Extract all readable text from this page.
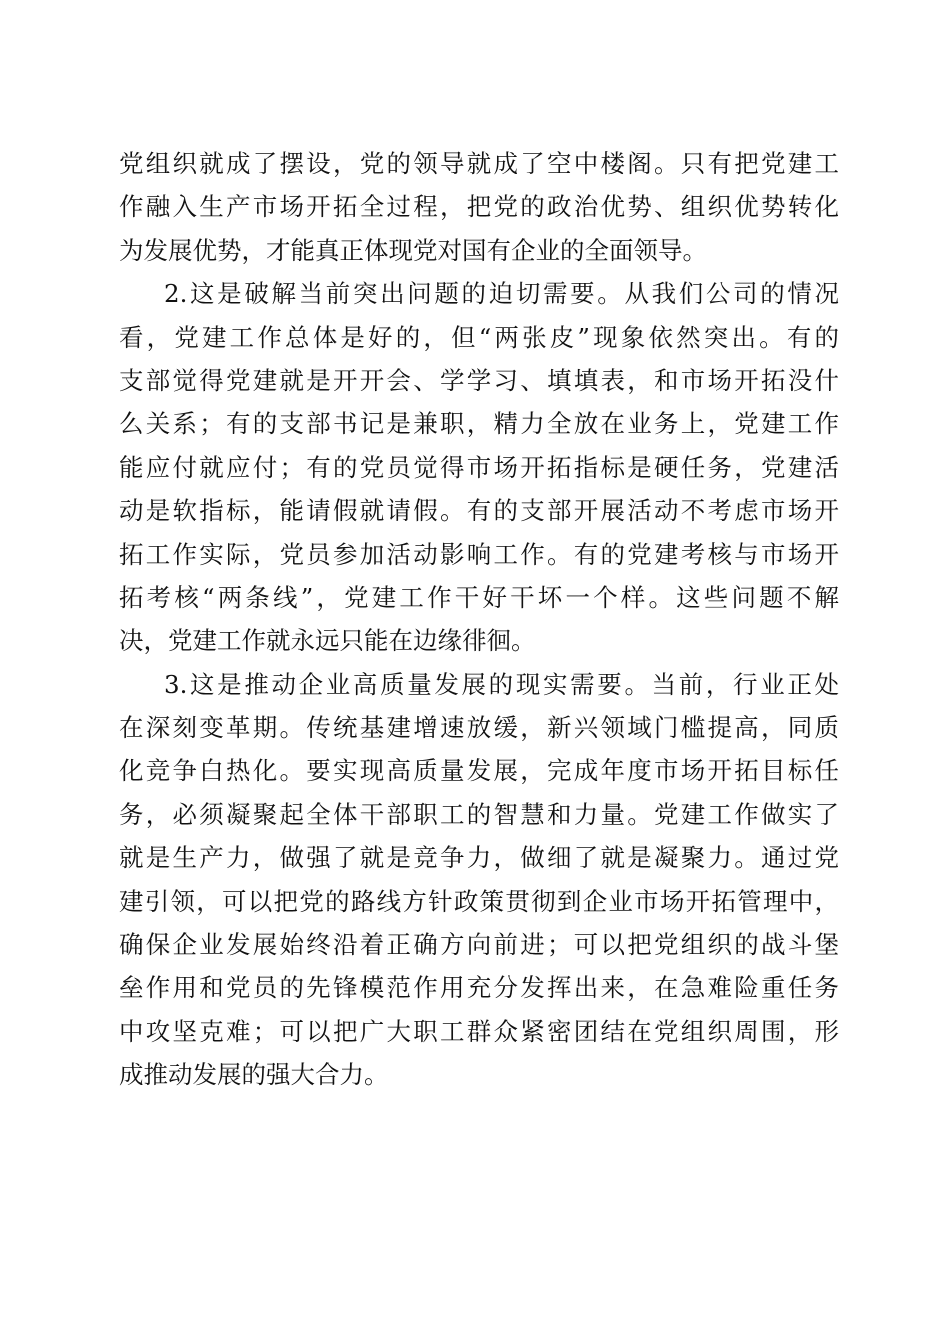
党组织就成了摆设，党的领导就成了空中楼阁。只有把党建工
作融入生产市场开拓全过程，把党的政治优势、组织优势转化
为发展优势，才能真正体现党对国有企业的全面领导。
2.这是破解当前突出问题的迫切需要。从我们公司的情况
看，党建工作总体是好的，但“两张皮”现象依然突出。有的
支部觉得党建就是开开会、学学习、填填表，和市场开拓没什
么关系；有的支部书记是兼职，精力全放在业务上，党建工作
能应付就应付；有的党员觉得市场开拓指标是硬任务，党建活
动是软指标，能请假就请假。有的支部开展活动不考虑市场开
拓工作实际，党员参加活动影响工作。有的党建考核与市场开
拓考核“两条线”，党建工作干好干坏一个样。这些问题不解
决，党建工作就永远只能在边缘徘徊。
3.这是推动企业高质量发展的现实需要。当前，行业正处
在深刻变革期。传统基建增速放缓，新兴领域门槛提高，同质
化竞争白热化。要实现高质量发展，完成年度市场开拓目标任
务，必须凝聚起全体干部职工的智慧和力量。党建工作做实了
就是生产力，做强了就是竞争力，做细了就是凝聚力。通过党
建引领，可以把党的路线方针政策贯彻到企业市场开拓管理中，
确保企业发展始终沿着正确方向前进；可以把党组织的战斗堡
垒作用和党员的先锋模范作用充分发挥出来，在急难险重任务
中攻坚克难；可以把广大职工群众紧密团结在党组织周围，形
成推动发展的强大合力。
